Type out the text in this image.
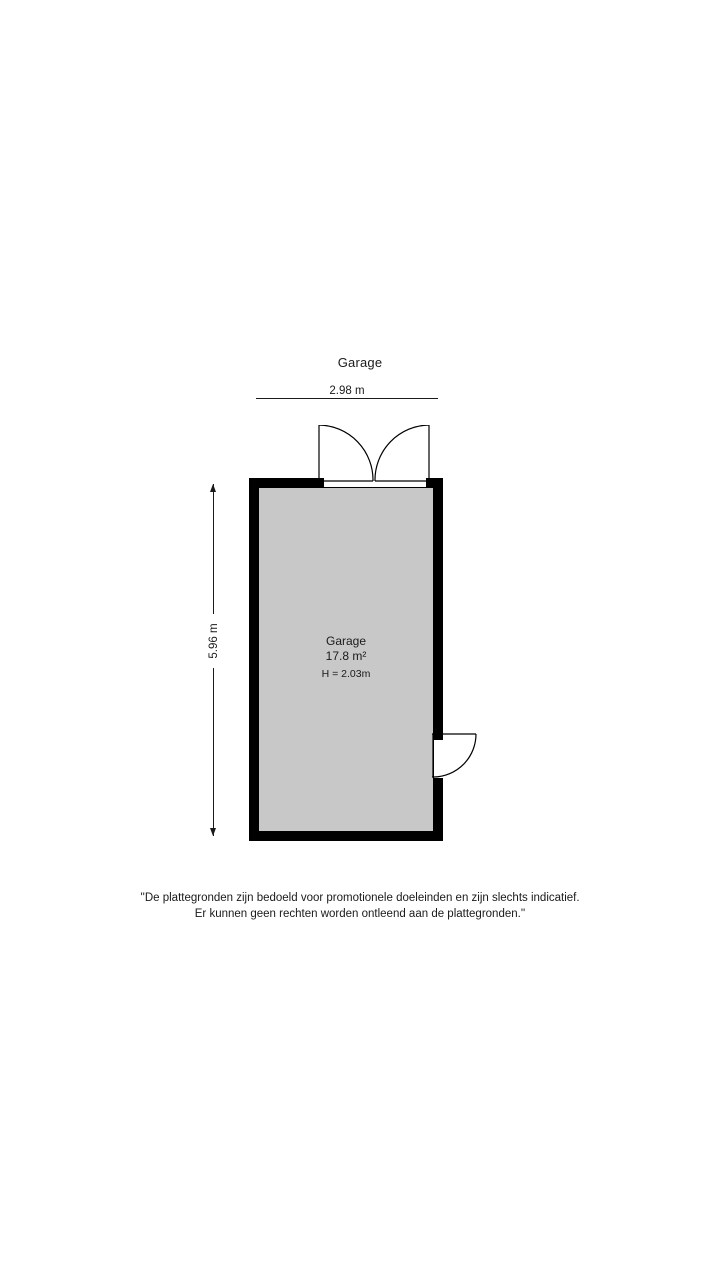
Garage
2.98 m
5.96 m	Garage
17.8 m²
H = 2.03m
''De plattegronden zijn bedoeld voor promotionele doeleinden en zijn slechts indicatief.
Er kunnen geen rechten worden ontleend aan de plattegronden.''
